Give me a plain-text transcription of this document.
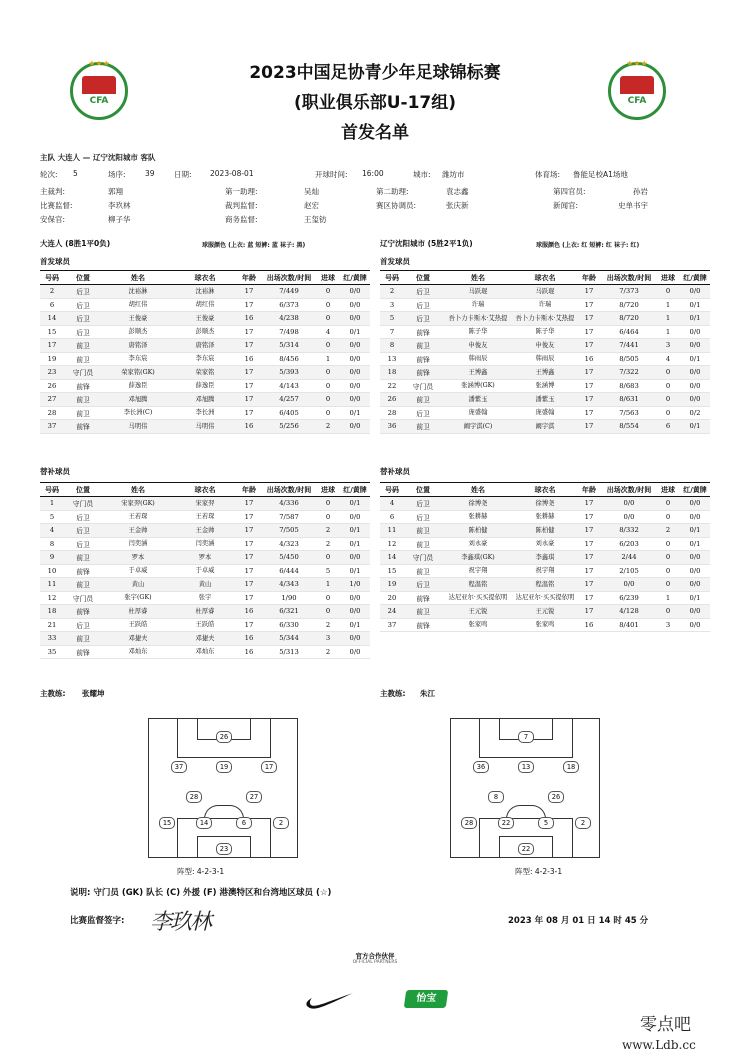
★★★
CFA
★★★
CFA
2023中国足协青少年足球锦标赛
(职业俱乐部U-17组)
首发名单
主队 大连人 — 辽宁沈阳城市 客队
轮次: 5	场序:	39	日期: 2023-08-01	开球时间: 16:00	城市: 潍坊市	体育场: 鲁能足校A1场地
主裁判:	郭翔	第一助理:	吴灿	第二助理:	袁志鑫	第四官员:	孙岩
比赛监督:	李玖林	裁判监督:	赵宏	赛区协调员:	张庆新	新闻官:	史单书宇
安保官:	柳子华	商务监督:	王玺钫
大连人 (8胜1平0负)	球服颜色 (上衣: 蓝 短裤: 蓝 袜子: 黑)	辽宁沈阳城市 (5胜2平1负)	球服颜色 (上衣: 红 短裤: 红 袜子: 红)
首发球员	首发球员
号码	位置	姓名	球衣名	年龄	出场次数/时间	进球	红/黄牌
2	后卫	沈裕淋	沈裕淋	17	7/449	0	0/0
6	后卫	胡红伟	胡红伟	17	6/373	0	0/0
14	后卫	王俊豪	王俊豪	16	4/238	0	0/0
15	后卫	彭顺杰	彭顺杰	17	7/498	4	0/1
17	前卫	唐铭泽	唐铭泽	17	5/314	0	0/0
19	前卫	李东宸	李东宸	16	8/456	1	0/0
23	守门员	荣家铭(GK)	荣家铭	17	5/393	0	0/0
26	前锋	薛逸臣	薛逸臣	17	4/143	0	0/0
27	前卫	邓旭腾	邓旭腾	17	4/257	0	0/0
28	前卫	李长洲(C)	李长洲	17	6/405	0	0/1
37	前锋	马明伟	马明伟	16	5/256	2	0/0
号码	位置	姓名	球衣名	年龄	出场次数/时间	进球	红/黄牌
2	后卫	马跃琨	马跃琨	17	7/373	0	0/0
3	后卫	许瑞	许瑞	17	8/720	1	0/1
5	后卫	吾卜力卡斯木·艾热提	吾卜力卡斯木·艾热提	17	8/720	1	0/1
7	前锋	陈子华	陈子华	17	6/464	1	0/0
8	前卫	申俊友	申俊友	17	7/441	3	0/0
13	前锋	韩雨辰	韩雨辰	16	8/505	4	0/1
18	前锋	王博鑫	王博鑫	17	7/322	0	0/0
22	守门员	张涵博(GK)	张涵博	17	8/683	0	0/0
26	前卫	潘紫玉	潘紫玉	17	8/631	0	0/0
28	后卫	庞盛翰	庞盛翰	17	7/563	0	0/2
36	前卫	阚宇淇(C)	阚宇淇	17	8/554	6	0/1
替补球员	替补球员
号码	位置	姓名	球衣名	年龄	出场次数/时间	进球	红/黄牌
1	守门员	宋家羿(GK)	宋家羿	17	4/336	0	0/1
5	后卫	王若琛	王若琛	17	7/587	0	0/0
4	后卫	王金帅	王金帅	17	7/505	2	0/1
8	后卫	闫奕涵	闫奕涵	17	4/323	2	0/1
9	前卫	罗本	罗本	17	5/450	0	0/0
10	前锋	于卓威	于卓威	17	6/444	5	0/1
11	前卫	黄山	黄山	17	4/343	1	1/0
12	守门员	张宇(GK)	张宇	17	1/90	0	0/0
18	前锋	杜厚睿	杜厚睿	16	6/321	0	0/0
21	后卫	王跃皓	王跃皓	17	6/330	2	0/1
33	前卫	邓捷夫	邓捷夫	16	5/344	3	0/0
35	前锋	邓灿东	邓灿东	16	5/313	2	0/0
号码	位置	姓名	球衣名	年龄	出场次数/时间	进球	红/黄牌
4	后卫	徐博尧	徐博尧	17	0/0	0	0/0
6	后卫	张耕赫	张耕赫	17	0/0	0	0/0
11	前卫	陈柏健	陈柏健	17	8/332	2	0/1
12	前卫	刘永豪	刘永豪	17	6/203	0	0/1
14	守门员	李鑫琪(GK)	李鑫琪	17	2/44	0	0/0
15	前卫	祝宇翔	祝宇翔	17	2/105	0	0/0
19	后卫	程温铭	程温铭	17	0/0	0	0/0
20	前锋	达尼亚尔·买买提依明	达尼亚尔·买买提依明	17	6/239	1	0/1
24	前卫	王元锐	王元锐	17	4/128	0	0/0
37	前锋	张家鸣	张家鸣	16	8/401	3	0/0
主教练: 张耀坤	主教练: 朱江
26
37	19	17
28	27
15	14	6	2
23
阵型: 4-2-3-1
7
36	13	18
8	26
28	22	5	2
22
阵型: 4-2-3-1
说明: 守门员 (GK) 队长 (C) 外援 (F) 港澳特区和台湾地区球员 (☆)
比赛监督签字: 李玖林	2023 年 08 月 01 日 14 时 45 分
官方合作伙伴
OFFICIAL PARTNERS
怡宝
零点吧
www.Ldb.cc
